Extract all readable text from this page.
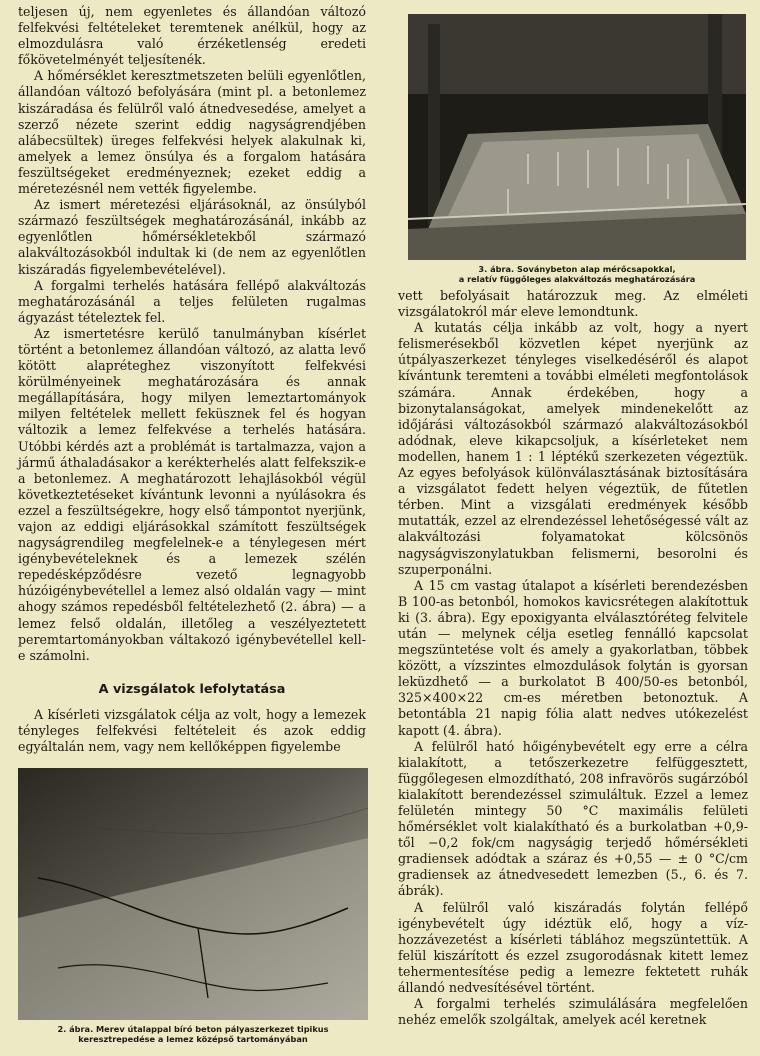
teljesen új, nem egyenletes és állandóan változó felfekvési feltételeket teremtenek anélkül, hogy az elmozdulásra való érzéketlenség eredeti főkövetelményét teljesítenék.

A hőmérséklet keresztmetszeten belüli egyenlőtlen, állandóan változó befolyására (mint pl. a betonlemez kiszáradása és felülről való átnedvesedése, amelyet a szerző nézete szerint eddig nagyságrendjében alábecsültek) üreges felfekvési helyek alakulnak ki, amelyek a lemez önsúlya és a forgalom hatására feszültségeket eredményeznek; ezeket eddig a méretezésnél nem vették figyelembe.

Az ismert méretezési eljárásoknál, az önsúlyból származó feszültségek meghatározásánál, inkább az egyenlőtlen hőmérsékletekből származó alakváltozásokból indultak ki (de nem az egyenlőtlen kiszáradás figyelembevételével).

A forgalmi terhelés hatására fellépő alakváltozás meghatározásánál a teljes felületen rugalmas ágyazást tételeztek fel.

Az ismertetésre kerülő tanulmányban kísérlet történt a betonlemez állandóan változó, az alatta levő kötött alapréteghez viszonyított felfekvési körülményeinek meghatározására és annak megállapítására, hogy milyen lemeztartományok milyen feltételek mellett feküsznek fel és hogyan változik a lemez felfekvése a terhelés hatására. Utóbbi kérdés azt a problémát is tartalmazza, vajon a jármű áthaladásakor a kerékterhelés alatt felfekszik-e a betonlemez. A meghatározott lehajlásokból végül következtetéseket kívántunk levonni a nyúlásokra és ezzel a feszültségekre, hogy első támpontot nyerjünk, vajon az eddigi eljárásokkal számított feszültségek nagyságrendileg megfelelnek-e a ténylegesen mért igénybevételeknek és a lemezek szélén repedésképződésre vezető legnagyobb húzóigénybevétellel a lemez alsó oldalán vagy — mint ahogy számos repedésből feltételezhető (2. ábra) — a lemez felső oldalán, illetőleg a veszélyeztetett peremtartományokban váltakozó igénybevétellel kell-e számolni.

A vizsgálatok lefolytatása

A kísérleti vizsgálatok célja az volt, hogy a lemezek tényleges felfekvési feltételeit és azok eddig egyáltalán nem, vagy nem kellőképpen figyelembe

2. ábra. Merev útalappal bíró beton pályaszerkezet tipikus
keresztrepedése a lemez középső tartományában
3. ábra. Soványbeton alap mérőcsapokkal,
a relatív függőleges alakváltozás meghatározására

vett befolyásait határozzuk meg. Az elméleti vizsgálatokról már eleve lemondtunk.

A kutatás célja inkább az volt, hogy a nyert felismerésekből közvetlen képet nyerjünk az útpályaszerkezet tényleges viselkedéséről és alapot kívántunk teremteni a további elméleti megfontolások számára. Annak érdekében, hogy a bizonytalanságokat, amelyek mindenekelőtt az időjárási változásokból származó alakváltozásokból adódnak, eleve kikapcsoljuk, a kísérleteket nem modellen, hanem 1 : 1 léptékű szerkezeten végeztük. Az egyes befolyások különválasztásának biztosítására a vizsgálatot fedett helyen végeztük, de fűtetlen térben. Mint a vizsgálati eredmények később mutatták, ezzel az elrendezéssel lehetőségessé vált az alakváltozási folyamatokat kölcsönös nagyságviszonylatukban felismerni, besorolni és szuperponálni.

A 15 cm vastag útalapot a kísérleti berendezésben B 100-as betonból, homokos kavicsrétegen alakítottuk ki (3. ábra). Egy epoxigyanta elválasztóréteg felvitele után — melynek célja esetleg fennálló kapcsolat megszüntetése volt és amely a gyakorlatban, többek között, a vízszintes elmozdulások folytán is gyorsan leküzdhető — a burkolatot B 400/50-es betonból, 325×400×22 cm-es méretben betonoztuk. A betontábla 21 napig fólia alatt nedves utókezelést kapott (4. ábra).

A felülről ható hőigénybevételt egy erre a célra kialakított, a tetőszerkezetre felfüggesztett, függőlegesen elmozdítható, 208 infravörös sugárzóból kialakított berendezéssel szimuláltuk. Ezzel a lemez felületén mintegy 50 °C maximális felületi hőmérséklet volt kialakítható és a burkolatban +0,9-től −0,2 fok/cm nagyságig terjedő hőmérsékleti gradiensek adódtak a száraz és +0,55 — ± 0 °C/cm gradiensek az átnedvesedett lemezben (5., 6. és 7. ábrák).

A felülről való kiszáradás folytán fellépő igénybevételt úgy idéztük elő, hogy a víz-hozzávezetést a kísérleti táblához megszüntettük. A felül kiszárított és ezzel zsugorodásnak kitett lemez tehermentesítése pedig a lemezre fektetett ruhák állandó nedvesítésével történt.

A forgalmi terhelés szimulálására megfelelően nehéz emelők szolgáltak, amelyek acél keretnek
